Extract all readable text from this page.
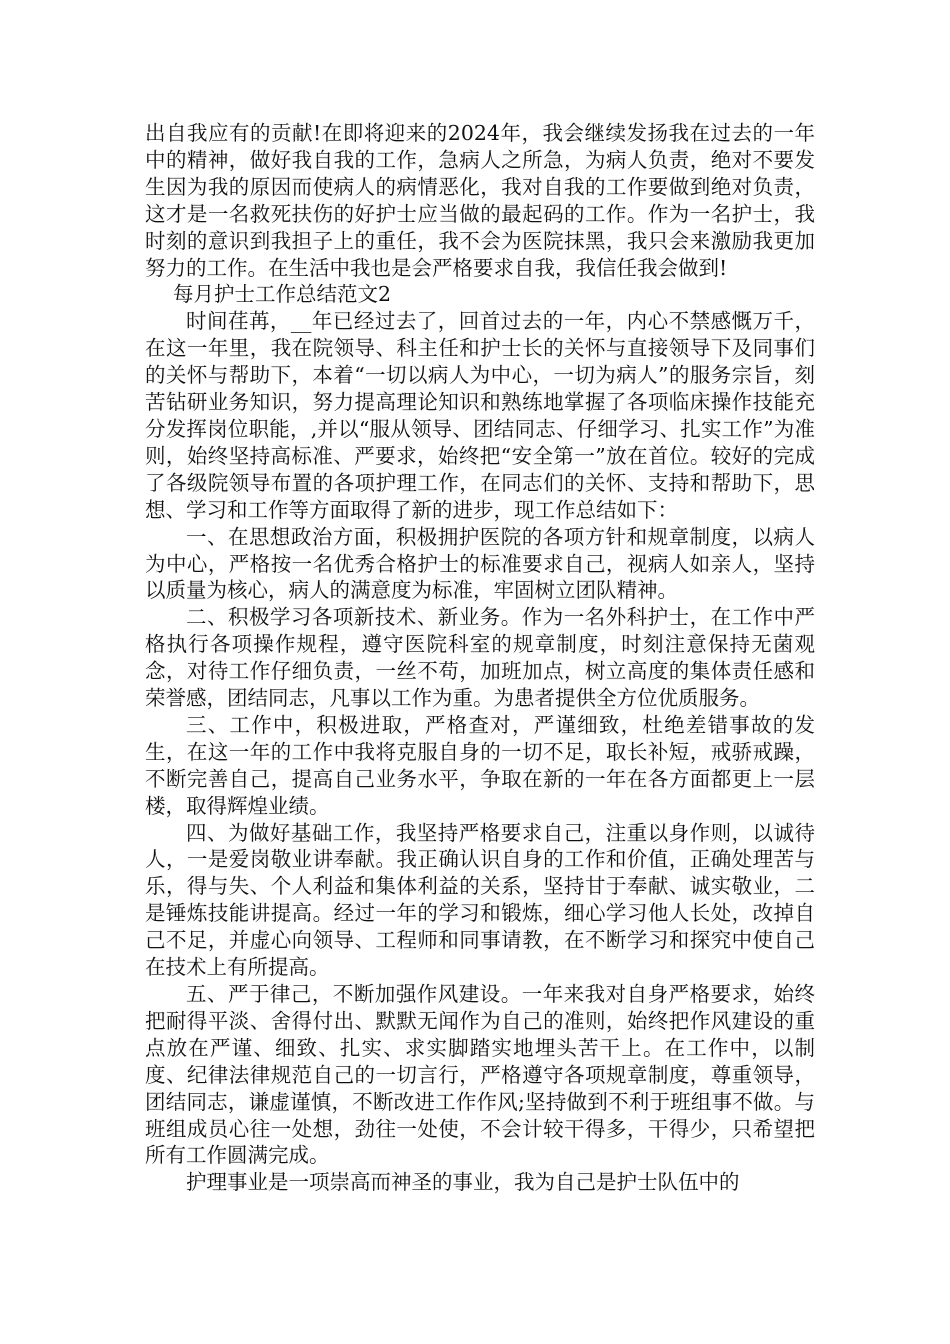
出自我应有的贡献!在即将迎来的2024年，我会继续发扬我在过去的一年中的精神，做好我自我的工作，急病人之所急，为病人负责，绝对不要发生因为我的原因而使病人的病情恶化，我对自我的工作要做到绝对负责，这才是一名救死扶伤的好护士应当做的最起码的工作。作为一名护士，我时刻的意识到我担子上的重任，我不会为医院抹黑，我只会来激励我更加努力的工作。在生活中我也是会严格要求自我，我信任我会做到!

每月护士工作总结范文2

时间荏苒，__年已经过去了，回首过去的一年，内心不禁感慨万千，在这一年里，我在院领导、科主任和护士长的关怀与直接领导下及同事们的关怀与帮助下，本着“一切以病人为中心，一切为病人”的服务宗旨，刻苦钻研业务知识，努力提高理论知识和熟练地掌握了各项临床操作技能充分发挥岗位职能，,并以“服从领导、团结同志、仔细学习、扎实工作”为准则，始终坚持高标准、严要求，始终把“安全第一”放在首位。较好的完成了各级院领导布置的各项护理工作，在同志们的关怀、支持和帮助下，思想、学习和工作等方面取得了新的进步，现工作总结如下：

一、在思想政治方面，积极拥护医院的各项方针和规章制度，以病人为中心，严格按一名优秀合格护士的标准要求自己，视病人如亲人，坚持以质量为核心，病人的满意度为标准，牢固树立团队精神。

二、积极学习各项新技术、新业务。作为一名外科护士，在工作中严格执行各项操作规程，遵守医院科室的规章制度，时刻注意保持无菌观念，对待工作仔细负责，一丝不苟，加班加点，树立高度的集体责任感和荣誉感，团结同志，凡事以工作为重。为患者提供全方位优质服务。

三、工作中，积极进取，严格查对，严谨细致，杜绝差错事故的发生，在这一年的工作中我将克服自身的一切不足，取长补短，戒骄戒躁，不断完善自己，提高自己业务水平，争取在新的一年在各方面都更上一层楼，取得辉煌业绩。

四、为做好基础工作，我坚持严格要求自己，注重以身作则，以诚待人，一是爱岗敬业讲奉献。我正确认识自身的工作和价值，正确处理苦与乐，得与失、个人利益和集体利益的关系，坚持甘于奉献、诚实敬业，二是锤炼技能讲提高。经过一年的学习和锻炼，细心学习他人长处，改掉自己不足，并虚心向领导、工程师和同事请教，在不断学习和探究中使自己在技术上有所提高。

五、严于律己，不断加强作风建设。一年来我对自身严格要求，始终把耐得平淡、舍得付出、默默无闻作为自己的准则，始终把作风建设的重点放在严谨、细致、扎实、求实脚踏实地埋头苦干上。在工作中，以制度、纪律法律规范自己的一切言行，严格遵守各项规章制度，尊重领导，团结同志，谦虚谨慎，不断改进工作作风;坚持做到不利于班组事不做。与班组成员心往一处想，劲往一处使，不会计较干得多，干得少，只希望把所有工作圆满完成。

护理事业是一项崇高而神圣的事业，我为自己是护士队伍中的
